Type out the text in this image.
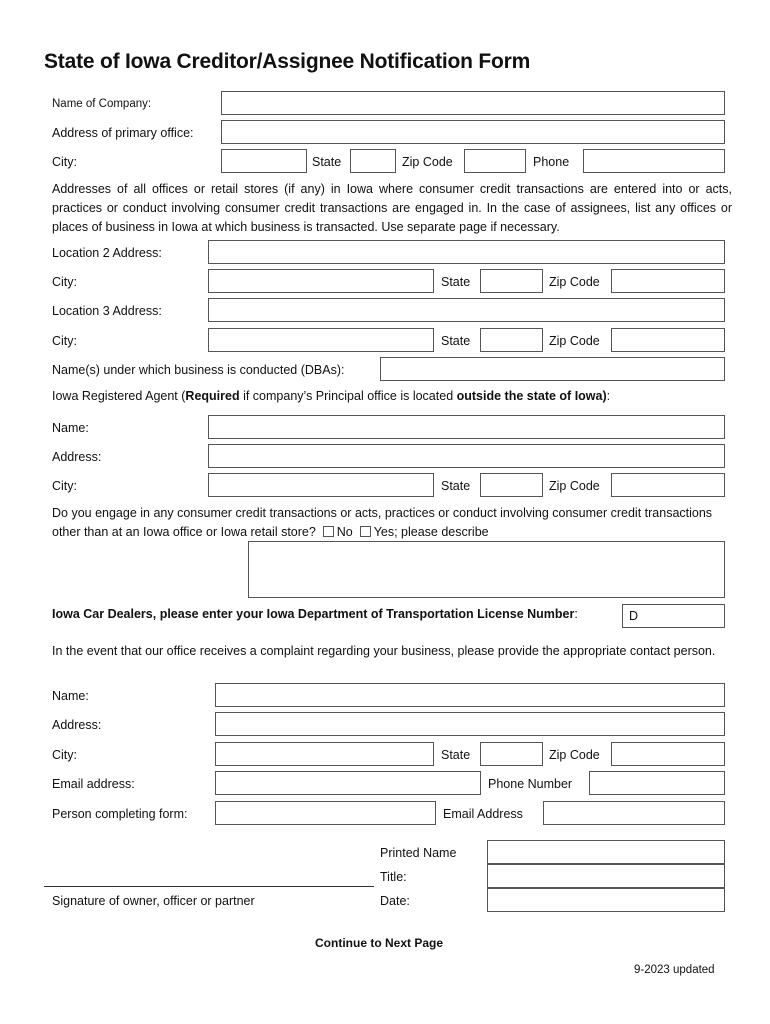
State of Iowa Creditor/Assignee Notification Form
Name of Company:
Address of primary office:
City:	State	Zip Code	Phone
Addresses of all offices or retail stores (if any) in Iowa where consumer credit transactions are entered into or acts, practices or conduct involving consumer credit transactions are engaged in. In the case of assignees, list any offices or places of business in Iowa at which business is transacted. Use separate page if necessary.
Location 2 Address:
City:	State	Zip Code
Location 3 Address:
City:	State	Zip Code
Name(s) under which business is conducted (DBAs):
Iowa Registered Agent (Required if company’s Principal office is located outside the state of Iowa):
Name:
Address:
City:	State	Zip Code
Do you engage in any consumer credit transactions or acts, practices or conduct involving consumer credit transactions other than at an Iowa office or Iowa retail store? No Yes; please describe
Iowa Car Dealers, please enter your Iowa Department of Transportation License Number:	D
In the event that our office receives a complaint regarding your business, please provide the appropriate contact person.
Name:
Address:
City:	State	Zip Code
Email address:	Phone Number
Person completing form:	Email Address
Printed Name
Title:
Date:
Signature of owner, officer or partner
Continue to Next Page
9-2023 updated
